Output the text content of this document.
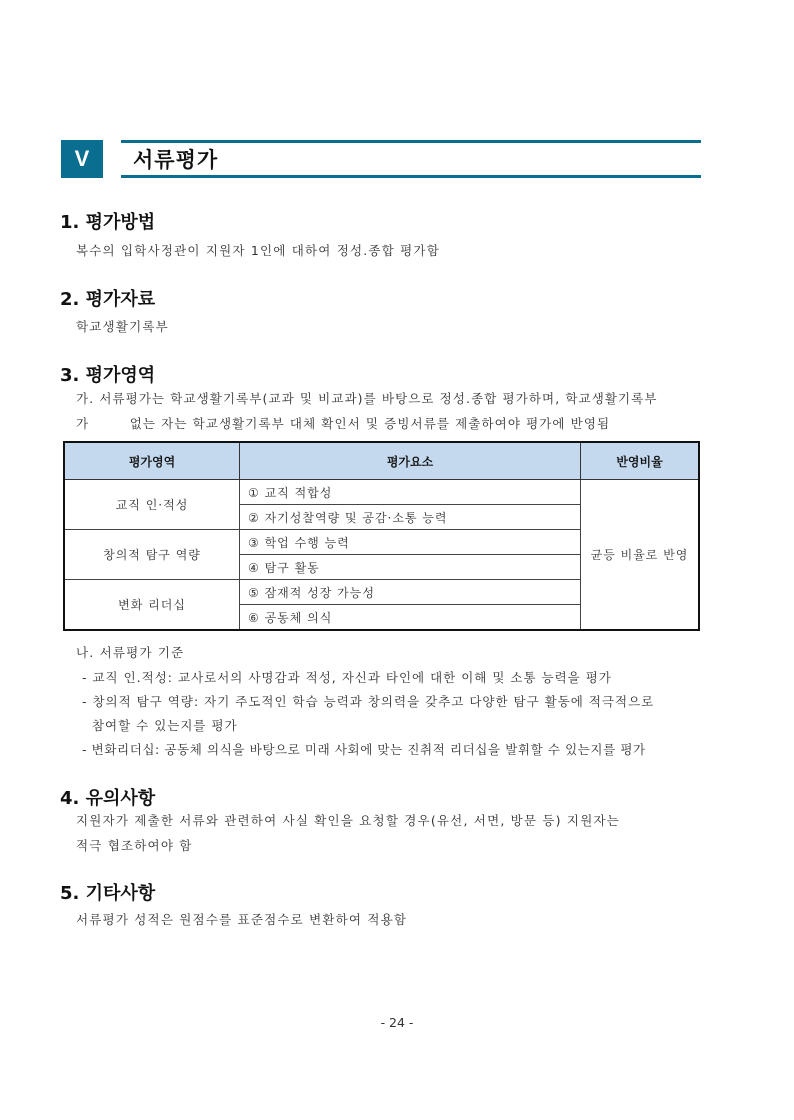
V	서류평가
1. 평가방법
복수의 입학사정관이 지원자 1인에 대하여 정성.종합 평가함
2. 평가자료
학교생활기록부
3. 평가영역
가. 서류평가는 학교생활기록부(교과 및 비교과)를 바탕으로 정성.종합 평가하며, 학교생활기록부
가        없는 자는 학교생활기록부 대체 확인서 및 증빙서류를 제출하여야 평가에 반영됨
평가영역	평가요소	반영비율
교직 인·적성	① 교직 적합성	균등 비율로 반영
	② 자기성찰역량 및 공감·소통 능력	
창의적 탐구 역량	③ 학업 수행 능력	
	④ 탐구 활동	
변화 리더십	⑤ 잠재적 성장 가능성	
	⑥ 공동체 의식	
나. 서류평가 기준
- 교직 인.적성: 교사로서의 사명감과 적성, 자신과 타인에 대한 이해 및 소통 능력을 평가
- 창의적 탐구 역량: 자기 주도적인 학습 능력과 창의력을 갖추고 다양한 탐구 활동에 적극적으로
참여할 수 있는지를 평가
- 변화리더십: 공동체 의식을 바탕으로 미래 사회에 맞는 진취적 리더십을 발휘할 수 있는지를 평가
4. 유의사항
지원자가 제출한 서류와 관련하여 사실 확인을 요청할 경우(유선, 서면, 방문 등) 지원자는
적극 협조하여야 함
5. 기타사항
서류평가 성적은 원점수를 표준점수로 변환하여 적용함
- 24 -
